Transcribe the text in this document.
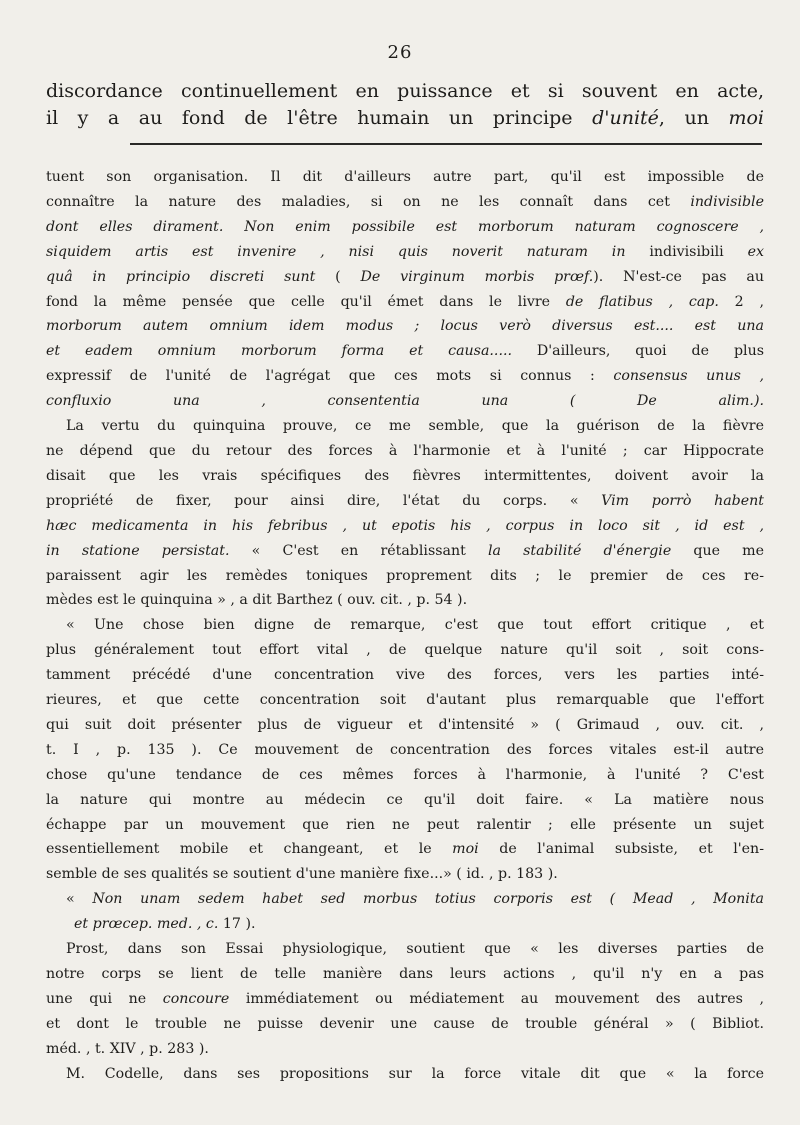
26
discordance continuellement en puissance et si souvent en acte,
il y a au fond de l'être humain un principe d'unité, un moi
tuent son organisation. Il dit d'ailleurs autre part, qu'il est impossible de
connaître la nature des maladies, si on ne les connaît dans cet indivisible
dont elles dirament. Non enim possibile est morborum naturam cognoscere ,
siquidem artis est invenire , nisi quis noverit naturam in indivisibili ex
quâ in principio discreti sunt ( De virginum morbis prœf.). N'est-ce pas au
fond la même pensée que celle qu'il émet dans le livre de flatibus , cap. 2 ,
morborum autem omnium idem modus ; locus verò diversus est.... est una
et eadem omnium morborum forma et causa..... D'ailleurs, quoi de plus
expressif de l'unité de l'agrégat que ces mots si connus : consensus unus ,
confluxio una , consententia una ( De alim.).
La vertu du quinquina prouve, ce me semble, que la guérison de la fièvre
ne dépend que du retour des forces à l'harmonie et à l'unité ; car Hippocrate
disait que les vrais spécifiques des fièvres intermittentes, doivent avoir la
propriété de fixer, pour ainsi dire, l'état du corps. « Vim porrò habent
hæc medicamenta in his febribus , ut epotis his , corpus in loco sit , id est ,
in statione persistat. « C'est en rétablissant la stabilité d'énergie que me
paraissent agir les remèdes toniques proprement dits ; le premier de ces re-
mèdes est le quinquina » , a dit Barthez ( ouv. cit. , p. 54 ).
« Une chose bien digne de remarque, c'est que tout effort critique , et
plus généralement tout effort vital , de quelque nature qu'il soit , soit cons-
tamment précédé d'une concentration vive des forces, vers les parties inté-
rieures, et que cette concentration soit d'autant plus remarquable que l'effort
qui suit doit présenter plus de vigueur et d'intensité » ( Grimaud , ouv. cit. ,
t. I , p. 135 ). Ce mouvement de concentration des forces vitales est-il autre
chose qu'une tendance de ces mêmes forces à l'harmonie, à l'unité ? C'est
la nature qui montre au médecin ce qu'il doit faire. « La matière nous
échappe par un mouvement que rien ne peut ralentir ; elle présente un sujet
essentiellement mobile et changeant, et le moi de l'animal subsiste, et l'en-
semble de ses qualités se soutient d'une manière fixe...» ( id. , p. 183 ).
« Non unam sedem habet sed morbus totius corporis est ( Mead , Monita
et prœcep. med. , c. 17 ).
Prost, dans son Essai physiologique, soutient que « les diverses parties de
notre corps se lient de telle manière dans leurs actions , qu'il n'y en a pas
une qui ne concoure immédiatement ou médiatement au mouvement des autres ,
et dont le trouble ne puisse devenir une cause de trouble général » ( Bibliot.
méd. , t. XIV , p. 283 ).
M. Codelle, dans ses propositions sur la force vitale dit que « la force
